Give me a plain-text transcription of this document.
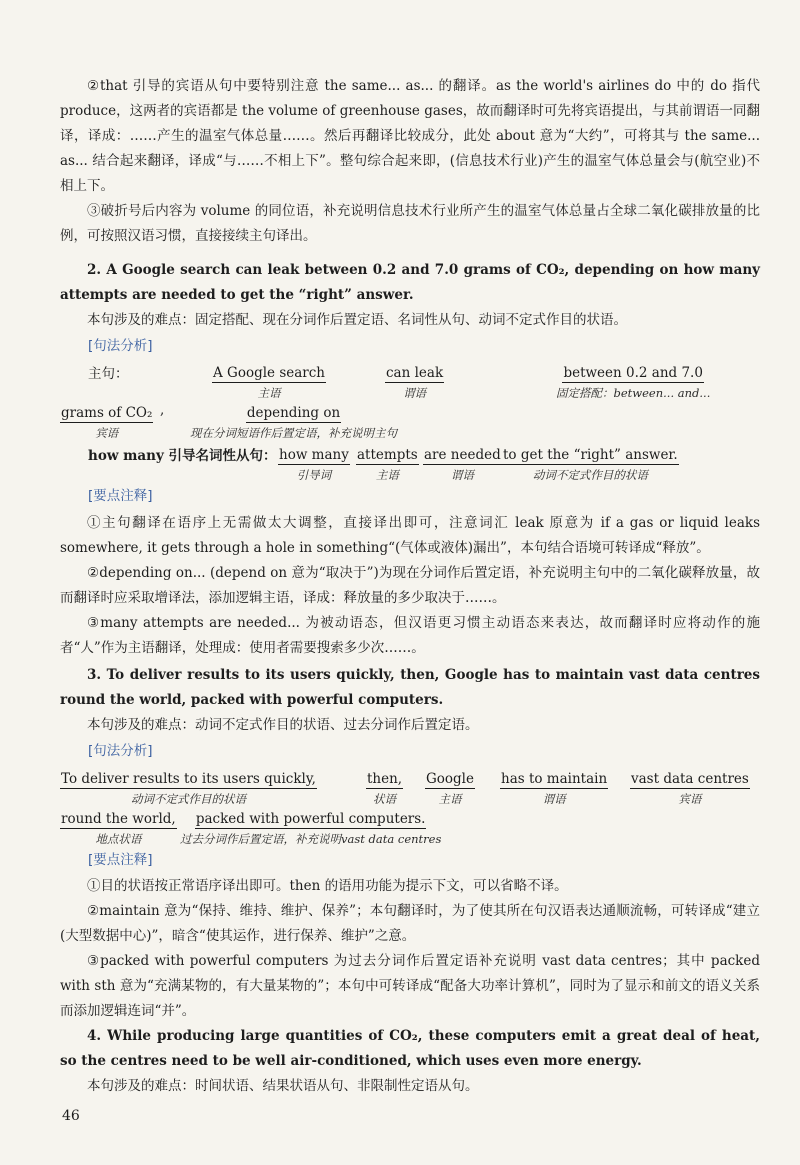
②that 引导的宾语从句中要特别注意 the same... as... 的翻译。as the world's airlines do 中的 do 指代 produce，这两者的宾语都是 the volume of greenhouse gases，故而翻译时可先将宾语提出，与其前谓语一同翻译，译成：……产生的温室气体总量……。然后再翻译比较成分，此处 about 意为“大约”，可将其与 the same... as... 结合起来翻译，译成“与……不相上下”。整句综合起来即，(信息技术行业)产生的温室气体总量会与(航空业)不相上下。

③破折号后内容为 volume 的同位语，补充说明信息技术行业所产生的温室气体总量占全球二氧化碳排放量的比例，可按照汉语习惯，直接接续主句译出。

2. A Google search can leak between 0.2 and 7.0 grams of CO₂, depending on how many attempts are needed to get the “right” answer.

本句涉及的难点：固定搭配、现在分词作后置定语、名词性从句、动词不定式作目的状语。

[句法分析]
主句：	A Google search
主语
can leak
谓语
between 0.2 and 7.0
固定搭配：between... and...
grams of CO₂
宾语
,	depending on
现在分词短语作后置定语，补充说明主句
how many 引导名词性从句： how many
引导词
attempts
主语
are needed
谓语
to get the “right” answer.
动词不定式作目的状语
[要点注释]

①主句翻译在语序上无需做太大调整，直接译出即可，注意词汇 leak 原意为 if a gas or liquid leaks somewhere, it gets through a hole in something“(气体或液体)漏出”，本句结合语境可转译成“释放”。

②depending on... (depend on 意为“取决于”)为现在分词作后置定语，补充说明主句中的二氧化碳释放量，故而翻译时应采取增译法，添加逻辑主语，译成：释放量的多少取决于……。

③many attempts are needed... 为被动语态，但汉语更习惯主动语态来表达，故而翻译时应将动作的施者“人”作为主语翻译，处理成：使用者需要搜索多少次……。

3. To deliver results to its users quickly, then, Google has to maintain vast data centres round the world, packed with powerful computers.

本句涉及的难点：动词不定式作目的状语、过去分词作后置定语。

[句法分析]
To deliver results to its users quickly,
动词不定式作目的状语
then,
状语
Google
主语
has to maintain
谓语
vast data centres
宾语
round the world,
地点状语
packed with powerful computers.
过去分词作后置定语，补充说明vast data centres
[要点注释]

①目的状语按正常语序译出即可。then 的语用功能为提示下文，可以省略不译。

②maintain 意为“保持、维持、维护、保养”；本句翻译时，为了使其所在句汉语表达通顺流畅，可转译成“建立(大型数据中心)”，暗含“使其运作，进行保养、维护”之意。

③packed with powerful computers 为过去分词作后置定语补充说明 vast data centres；其中 packed with sth 意为“充满某物的，有大量某物的”；本句中可转译成“配备大功率计算机”，同时为了显示和前文的语义关系而添加逻辑连词“并”。

4. While producing large quantities of CO₂, these computers emit a great deal of heat, so the centres need to be well air-conditioned, which uses even more energy.

本句涉及的难点：时间状语、结果状语从句、非限制性定语从句。

46
